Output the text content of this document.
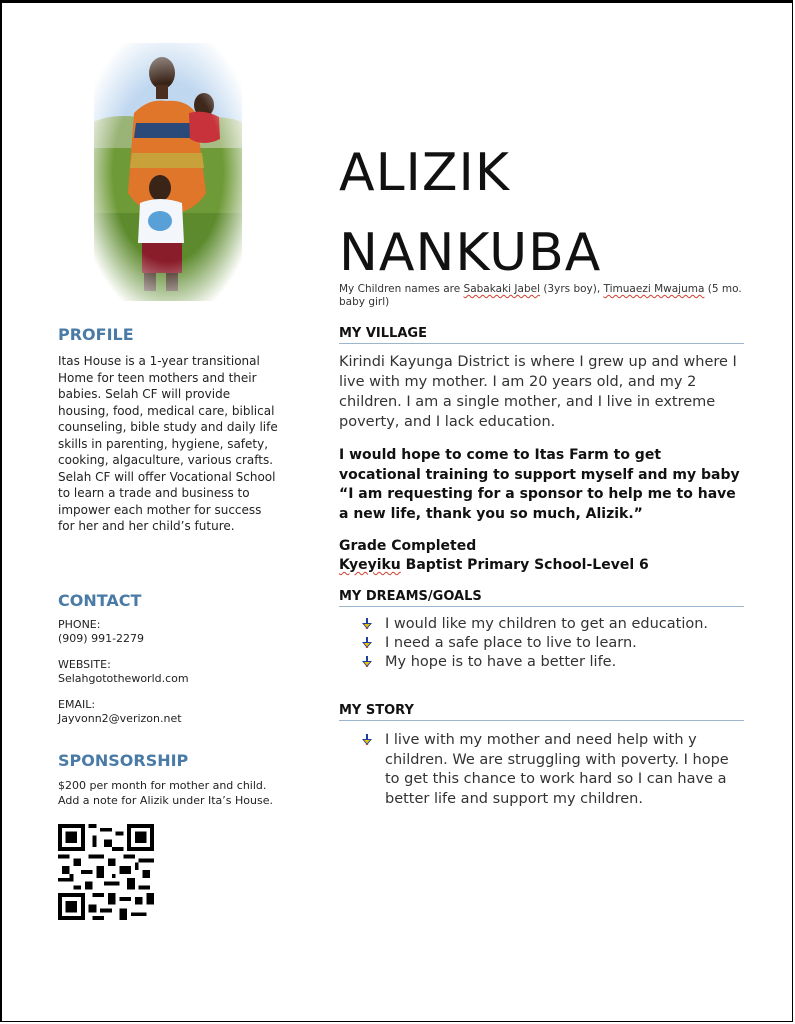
PROFILE
Itas House is a 1-year transitional Home for teen mothers and their babies. Selah CF will provide housing, food, medical care, biblical counseling, bible study and daily life skills in parenting, hygiene, safety, cooking, algaculture, various crafts. Selah CF will offer Vocational School to learn a trade and business to impower each mother for success for her and her child’s future.
CONTACT
PHONE:
(909) 991-2279
WEBSITE:
Selahgototheworld.com
EMAIL:
Jayvonn2@verizon.net
SPONSORSHIP
$200 per month for mother and child.
Add a note for Alizik under Ita’s House.
ALIZIK
NANKUBA
My Children names are Sabakaki Jabel (3yrs boy), Timuaezi Mwajuma (5 mo. baby girl)
MY VILLAGE
Kirindi Kayunga District is where I grew up and where I live with my mother. I am 20 years old, and my 2 children. I am a single mother, and I live in extreme poverty, and I lack education.
I would hope to come to Itas Farm to get vocational training to support myself and my baby “I am requesting for a sponsor to help me to have a new life, thank you so much, Alizik.”
Grade Completed
Kyeyiku Baptist Primary School-Level 6
MY DREAMS/GOALS
I would like my children to get an education.
I need a safe place to live to learn.
My hope is to have a better life.
MY STORY
I live with my mother and need help with y children. We are struggling with poverty. I hope to get this chance to work hard so I can have a better life and support my children.
